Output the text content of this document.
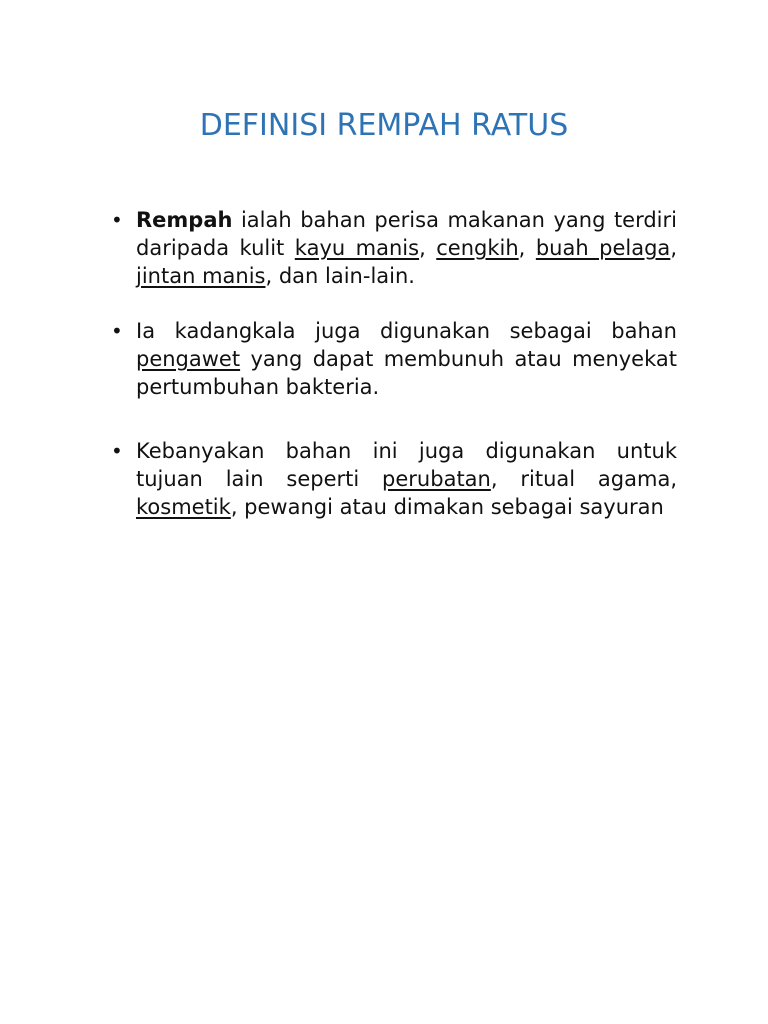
DEFINISI REMPAH RATUS
• Rempah ialah bahan perisa makanan yang terdiri daripada kulit kayu manis, cengkih, buah pelaga, jintan manis, dan lain-lain.
• Ia kadangkala juga digunakan sebagai bahan pengawet yang dapat membunuh atau menyekat pertumbuhan bakteria.
• Kebanyakan bahan ini juga digunakan untuk tujuan lain seperti perubatan, ritual agama, kosmetik, pewangi atau dimakan sebagai sayuran
